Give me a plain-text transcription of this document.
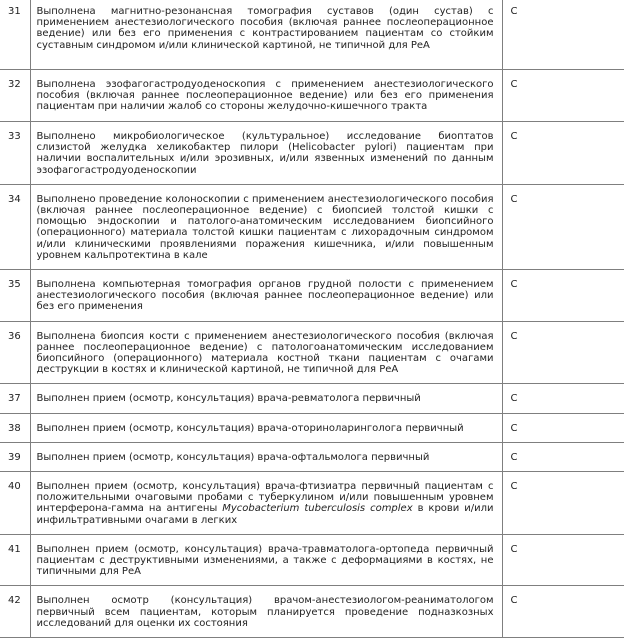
31	Выполнена магнитно-резонансная томография суставов (один сустав) с применением анестезиологического пособия (включая раннее послеоперационное ведение) или без его применения с контрастированием пациентам со стойким суставным синдромом и/или клинической картиной, не типичной для РеА	С
32	Выполнена эзофагогастродуоденоскопия с применением анестезиологического пособия (включая раннее послеоперационное ведение) или без его применения пациентам при наличии жалоб со стороны желудочно-кишечного тракта	С
33	Выполнено микробиологическое (культуральное) исследование биоптатов слизистой желудка хеликобактер пилори (Helicobacter pylori) пациентам при наличии воспалительных и/или эрозивных, и/или язвенных изменений по данным эзофагогастродуоденоскопии	С
34	Выполнено проведение колоноскопии с применением анестезиологического пособия (включая раннее послеоперационное ведение) с биопсией толстой кишки с помощью эндоскопии и патолого-анатомическим исследованием биопсийного (операционного) материала толстой кишки пациентам с лихорадочным синдромом и/или клиническими проявлениями поражения кишечника, и/или повышенным уровнем кальпротектина в кале	С
35	Выполнена компьютерная томография органов грудной полости с применением анестезиологического пособия (включая раннее послеоперационное ведение) или без его применения	С
36	Выполнена биопсия кости с применением анестезиологического пособия (включая раннее послеоперационное ведение) с патологоанатомическим исследованием биопсийного (операционного) материала костной ткани пациентам с очагами деструкции в костях и клинической картиной, не типичной для РеА	С
37	Выполнен прием (осмотр, консультация) врача-ревматолога первичный	С
38	Выполнен прием (осмотр, консультация) врача-оториноларинголога первичный	С
39	Выполнен прием (осмотр, консультация) врача-офтальмолога первичный	С
40	Выполнен прием (осмотр, консультация) врача-фтизиатра первичный пациентам с положительными очаговыми пробами с туберкулином и/или повышенным уровнем интерферона-гамма на антигены Mycobacterium tuberculosis complex в крови и/или инфильтративными очагами в легких	С
41	Выполнен прием (осмотр, консультация) врача-травматолога-ортопеда первичный пациентам с деструктивными изменениями, а также с деформациями в костях, не типичными для РеА	С
42	Выполнен осмотр (консультация) врачом-анестезиологом-реаниматологом первичный всем пациентам, которым планируется проведение подназкозных исследований для оценки их состояния	С
